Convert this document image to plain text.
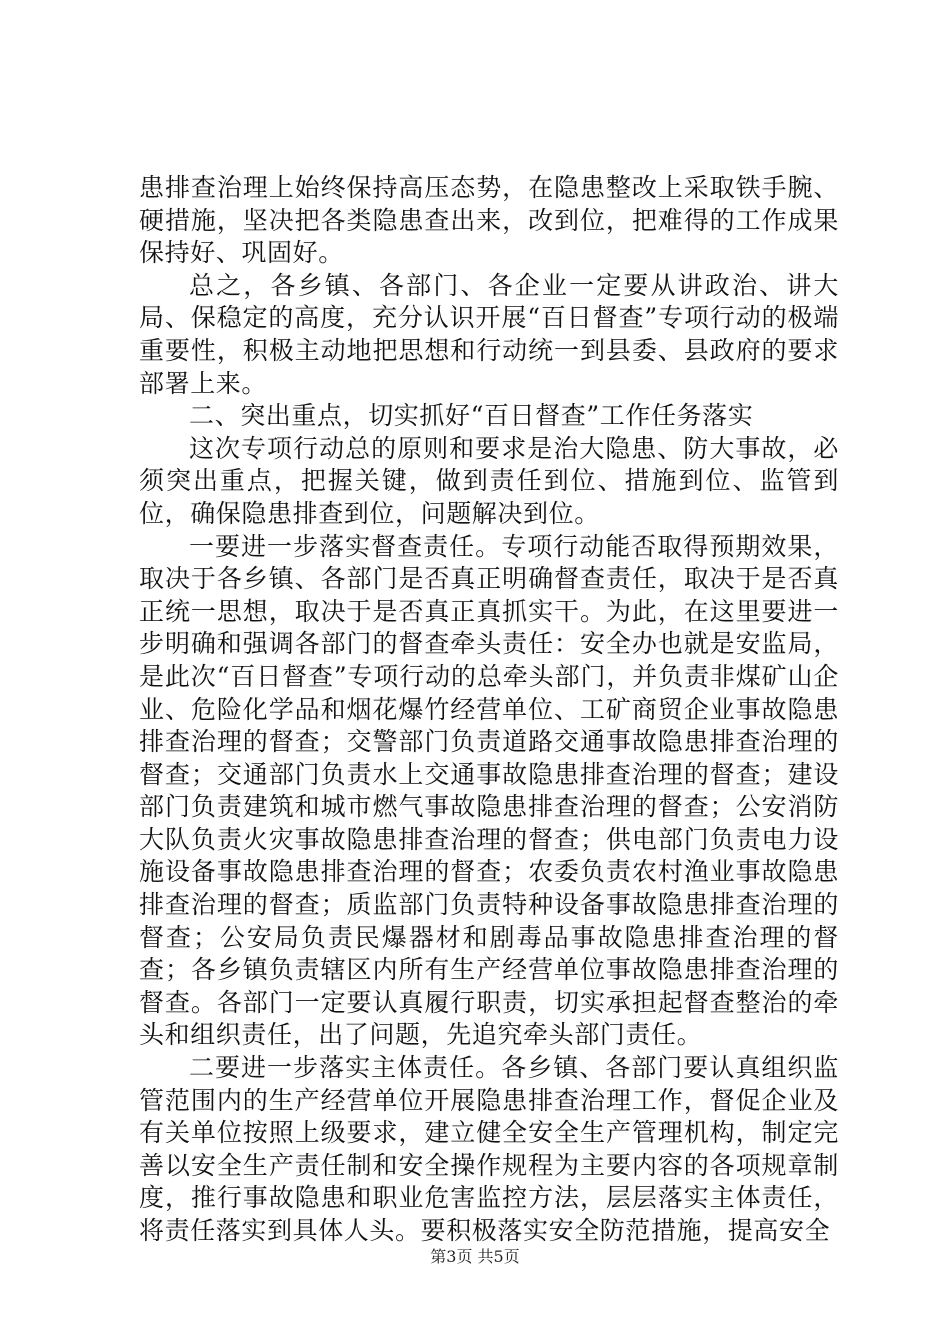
患排查治理上始终保持高压态势，在隐患整改上采取铁手腕、硬措施，坚决把各类隐患查出来，改到位，把难得的工作成果保持好、巩固好。

总之，各乡镇、各部门、各企业一定要从讲政治、讲大局、保稳定的高度，充分认识开展“百日督查”专项行动的极端重要性，积极主动地把思想和行动统一到县委、县政府的要求部署上来。

二、突出重点，切实抓好“百日督查”工作任务落实

这次专项行动总的原则和要求是治大隐患、防大事故，必须突出重点，把握关键，做到责任到位、措施到位、监管到位，确保隐患排查到位，问题解决到位。

一要进一步落实督查责任。专项行动能否取得预期效果，取决于各乡镇、各部门是否真正明确督查责任，取决于是否真正统一思想，取决于是否真正真抓实干。为此，在这里要进一步明确和强调各部门的督查牵头责任：安全办也就是安监局，是此次“百日督查”专项行动的总牵头部门，并负责非煤矿山企业、危险化学品和烟花爆竹经营单位、工矿商贸企业事故隐患排查治理的督查；交警部门负责道路交通事故隐患排查治理的督查；交通部门负责水上交通事故隐患排查治理的督查；建设部门负责建筑和城市燃气事故隐患排查治理的督查；公安消防大队负责火灾事故隐患排查治理的督查；供电部门负责电力设施设备事故隐患排查治理的督查；农委负责农村渔业事故隐患排查治理的督查；质监部门负责特种设备事故隐患排查治理的督查；公安局负责民爆器材和剧毒品事故隐患排查治理的督查；各乡镇负责辖区内所有生产经营单位事故隐患排查治理的督查。各部门一定要认真履行职责，切实承担起督查整治的牵头和组织责任，出了问题，先追究牵头部门责任。

二要进一步落实主体责任。各乡镇、各部门要认真组织监管范围内的生产经营单位开展隐患排查治理工作，督促企业及有关单位按照上级要求，建立健全安全生产管理机构，制定完善以安全生产责任制和安全操作规程为主要内容的各项规章制度，推行事故隐患和职业危害监控方法，层层落实主体责任，将责任落实到具体人头。要积极落实安全防范措施，提高安全

第3页 共5页
